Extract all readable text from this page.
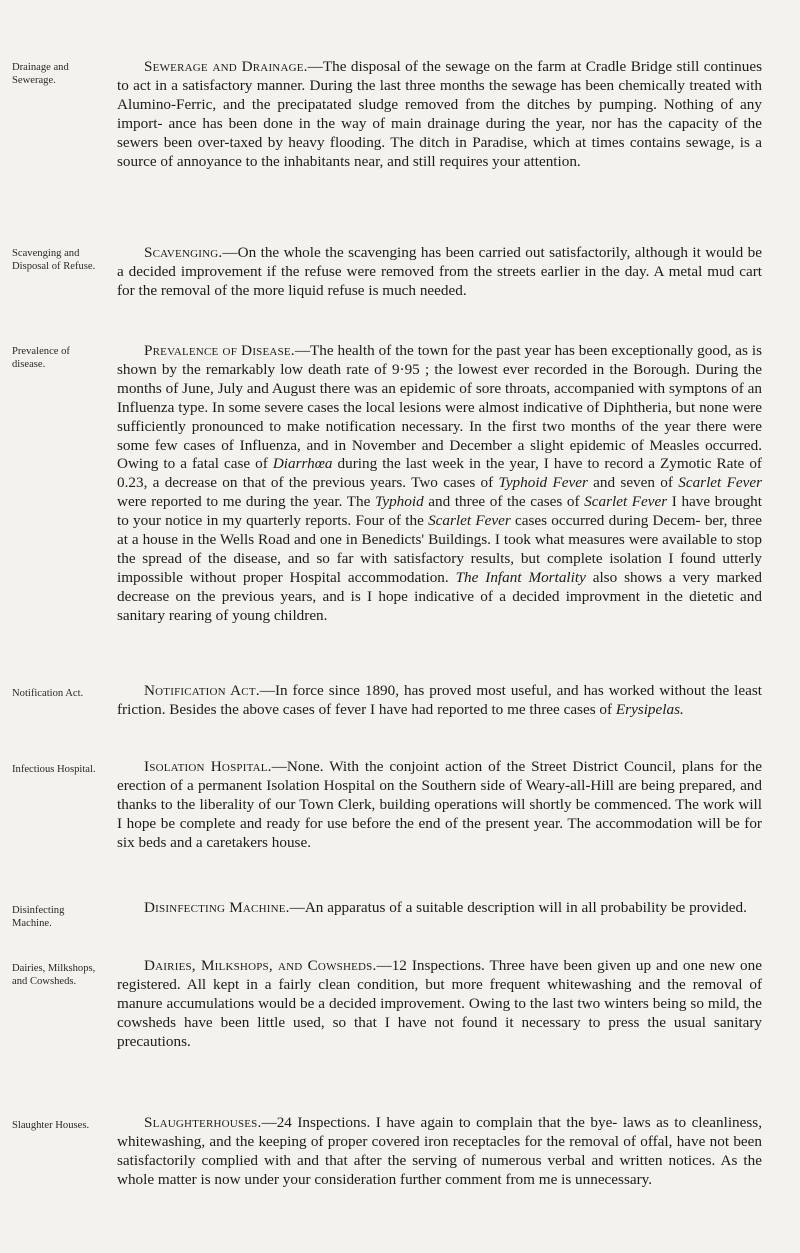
Drainage and Sewerage.
Sewerage and Drainage.—The disposal of the sewage on the farm at Cradle Bridge still continues to act in a satisfactory manner. During the last three months the sewage has been chemically treated with Alumino-Ferric, and the precipatated sludge removed from the ditches by pumping. Nothing of any import- ance has been done in the way of main drainage during the year, nor has the capacity of the sewers been over-taxed by heavy flooding. The ditch in Paradise, which at times contains sewage, is a source of annoyance to the inhabitants near, and still requires your attention.
Scavenging and Disposal of Refuse.
Scavenging.—On the whole the scavenging has been carried out satisfactorily, although it would be a decided improvement if the refuse were removed from the streets earlier in the day. A metal mud cart for the removal of the more liquid refuse is much needed.
Prevalence of disease.
Prevalence of Disease.—The health of the town for the past year has been exceptionally good, as is shown by the remarkably low death rate of 9·95 ; the lowest ever recorded in the Borough. During the months of June, July and August there was an epidemic of sore throats, accompanied with symptons of an Influenza type. In some severe cases the local lesions were almost indicative of Diphtheria, but none were sufficiently pronounced to make notification necessary. In the first two months of the year there were some few cases of Influenza, and in November and December a slight epidemic of Measles occurred. Owing to a fatal case of Diarrhœa during the last week in the year, I have to record a Zymotic Rate of 0.23, a decrease on that of the previous years. Two cases of Typhoid Fever and seven of Scarlet Fever were reported to me during the year. The Typhoid and three of the cases of Scarlet Fever I have brought to your notice in my quarterly reports. Four of the Scarlet Fever cases occurred during Decem- ber, three at a house in the Wells Road and one in Benedicts' Buildings. I took what measures were available to stop the spread of the disease, and so far with satisfactory results, but complete isolation I found utterly impossible without proper Hospital accommodation. The Infant Mortality also shows a very marked decrease on the previous years, and is I hope indicative of a decided improvment in the dietetic and sanitary rearing of young children.
Notification Act.	Notification Act.—In force since 1890, has proved most useful, and has worked without the least friction. Besides the above cases of fever I have had reported to me three cases of Erysipelas.
Infectious Hospital.	Isolation Hospital.—None. With the conjoint action of the Street District Council, plans for the erection of a permanent Isolation Hospital on the Southern side of Weary-all-Hill are being prepared, and thanks to the liberality of our Town Clerk, building operations will shortly be commenced. The work will I hope be complete and ready for use before the end of the present year. The accommodation will be for six beds and a caretakers house.
Disinfecting Machine.
Disinfecting Machine.—An apparatus of a suitable description will in all probability be provided.
Dairies, Milkshops, and Cowsheds.
Dairies, Milkshops, and Cowsheds.—12 Inspections. Three have been given up and one new one registered. All kept in a fairly clean condition, but more frequent whitewashing and the removal of manure accumulations would be a decided improvement. Owing to the last two winters being so mild, the cowsheds have been little used, so that I have not found it necessary to press the usual sanitary precautions.
Slaughter Houses.	Slaughterhouses.—24 Inspections. I have again to complain that the bye- laws as to cleanliness, whitewashing, and the keeping of proper covered iron receptacles for the removal of offal, have not been satisfactorily complied with and that after the serving of numerous verbal and written notices. As the whole matter is now under your consideration further comment from me is unnecessary.
